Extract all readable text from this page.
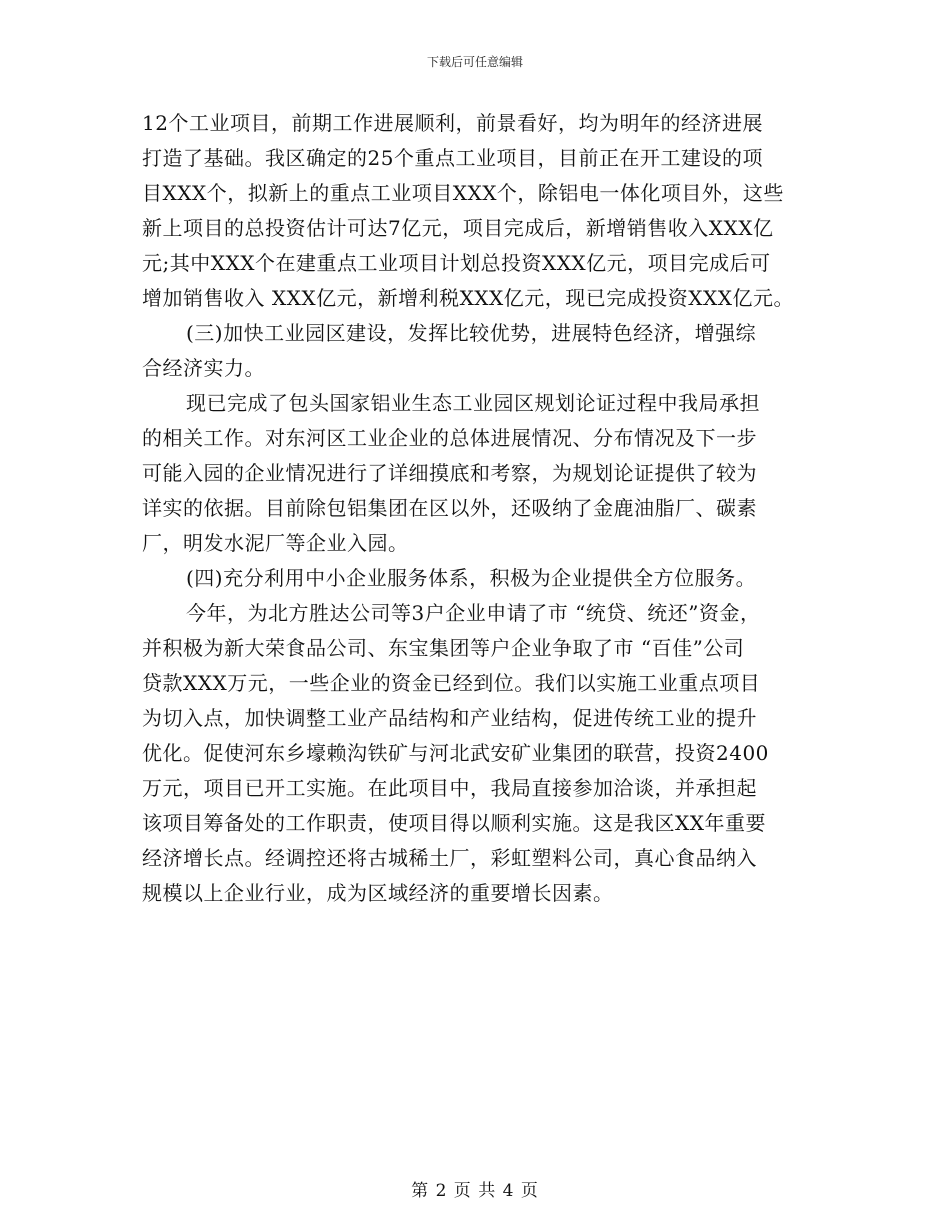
下载后可任意编辑
12个工业项目，前期工作进展顺利，前景看好，均为明年的经济进展
打造了基础。我区确定的25个重点工业项目，目前正在开工建设的项
目XXX个，拟新上的重点工业项目XXX个，除铝电一体化项目外，这些
新上项目的总投资估计可达7亿元，项目完成后，新增销售收入XXX亿
元;其中XXX个在建重点工业项目计划总投资XXX亿元，项目完成后可
增加销售收入 XXX亿元，新增利税XXX亿元，现已完成投资XXX亿元。
(三)加快工业园区建设，发挥比较优势，进展特色经济，增强综
合经济实力。
现已完成了包头国家铝业生态工业园区规划论证过程中我局承担
的相关工作。对东河区工业企业的总体进展情况、分布情况及下一步
可能入园的企业情况进行了详细摸底和考察，为规划论证提供了较为
详实的依据。目前除包铝集团在区以外，还吸纳了金鹿油脂厂、碳素
厂，明发水泥厂等企业入园。
(四)充分利用中小企业服务体系，积极为企业提供全方位服务。
今年，为北方胜达公司等3户企业申请了市 “统贷、统还”资金，
并积极为新大荣食品公司、东宝集团等户企业争取了市 “百佳”公司
贷款XXX万元，一些企业的资金已经到位。我们以实施工业重点项目
为切入点，加快调整工业产品结构和产业结构，促进传统工业的提升
优化。促使河东乡壕赖沟铁矿与河北武安矿业集团的联营，投资2400
万元，项目已开工实施。在此项目中，我局直接参加洽谈，并承担起
该项目筹备处的工作职责，使项目得以顺利实施。这是我区XX年重要
经济增长点。经调控还将古城稀土厂，彩虹塑料公司，真心食品纳入
规模以上企业行业，成为区域经济的重要增长因素。
第 2 页 共 4 页
